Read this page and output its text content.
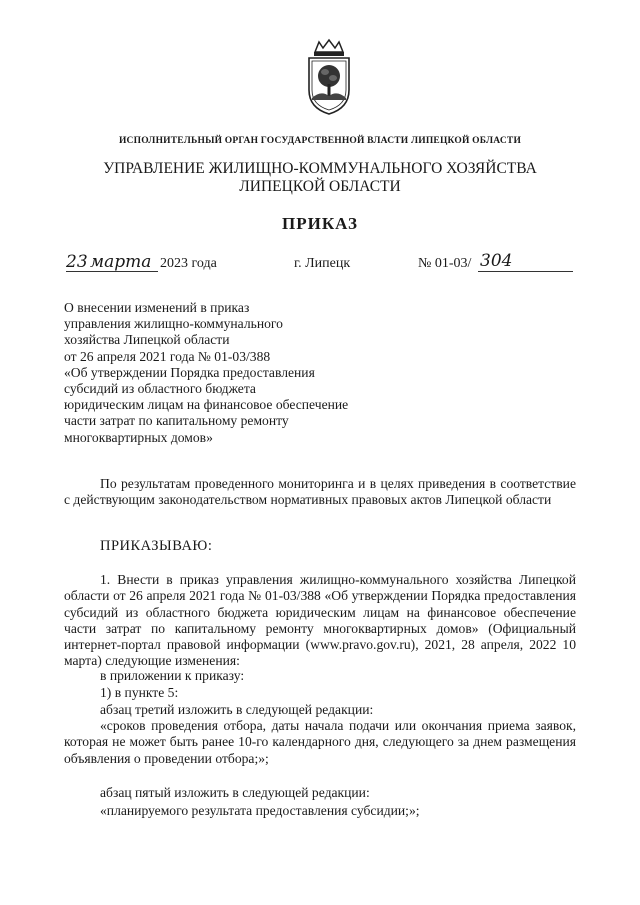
ИСПОЛНИТЕЛЬНЫЙ ОРГАН ГОСУДАРСТВЕННОЙ ВЛАСТИ ЛИПЕЦКОЙ ОБЛАСТИ
УПРАВЛЕНИЕ ЖИЛИЩНО-КОММУНАЛЬНОГО ХОЗЯЙСТВА
ЛИПЕЦКОЙ ОБЛАСТИ
ПРИКАЗ
23 марта 2023 года	г. Липецк	№ 01-03/ 304
О внесении изменений в приказ
управления жилищно-коммунального
хозяйства Липецкой области
от 26 апреля 2021 года № 01-03/388
«Об утверждении Порядка предоставления
субсидий из областного бюджета
юридическим лицам на финансовое обеспечение
части затрат по капитальному ремонту
многоквартирных домов»
По результатам проведенного мониторинга и в целях приведения в соответствие с действующим законодательством нормативных правовых актов Липецкой области
ПРИКАЗЫВАЮ:
1. Внести в приказ управления жилищно-коммунального хозяйства Липецкой области от 26 апреля 2021 года № 01-03/388 «Об утверждении Порядка предоставления субсидий из областного бюджета юридическим лицам на финансовое обеспечение части затрат по капитальному ремонту многоквартирных домов» (Официальный интернет-портал правовой информации (www.pravo.gov.ru), 2021, 28 апреля, 2022 10 марта) следующие изменения:
в приложении к приказу:
1) в пункте 5:
абзац третий изложить в следующей редакции:
«сроков проведения отбора, даты начала подачи или окончания приема заявок, которая не может быть ранее 10-го календарного дня, следующего за днем размещения объявления о проведении отбора;»;
абзац пятый изложить в следующей редакции:
«планируемого результата предоставления субсидии;»;
